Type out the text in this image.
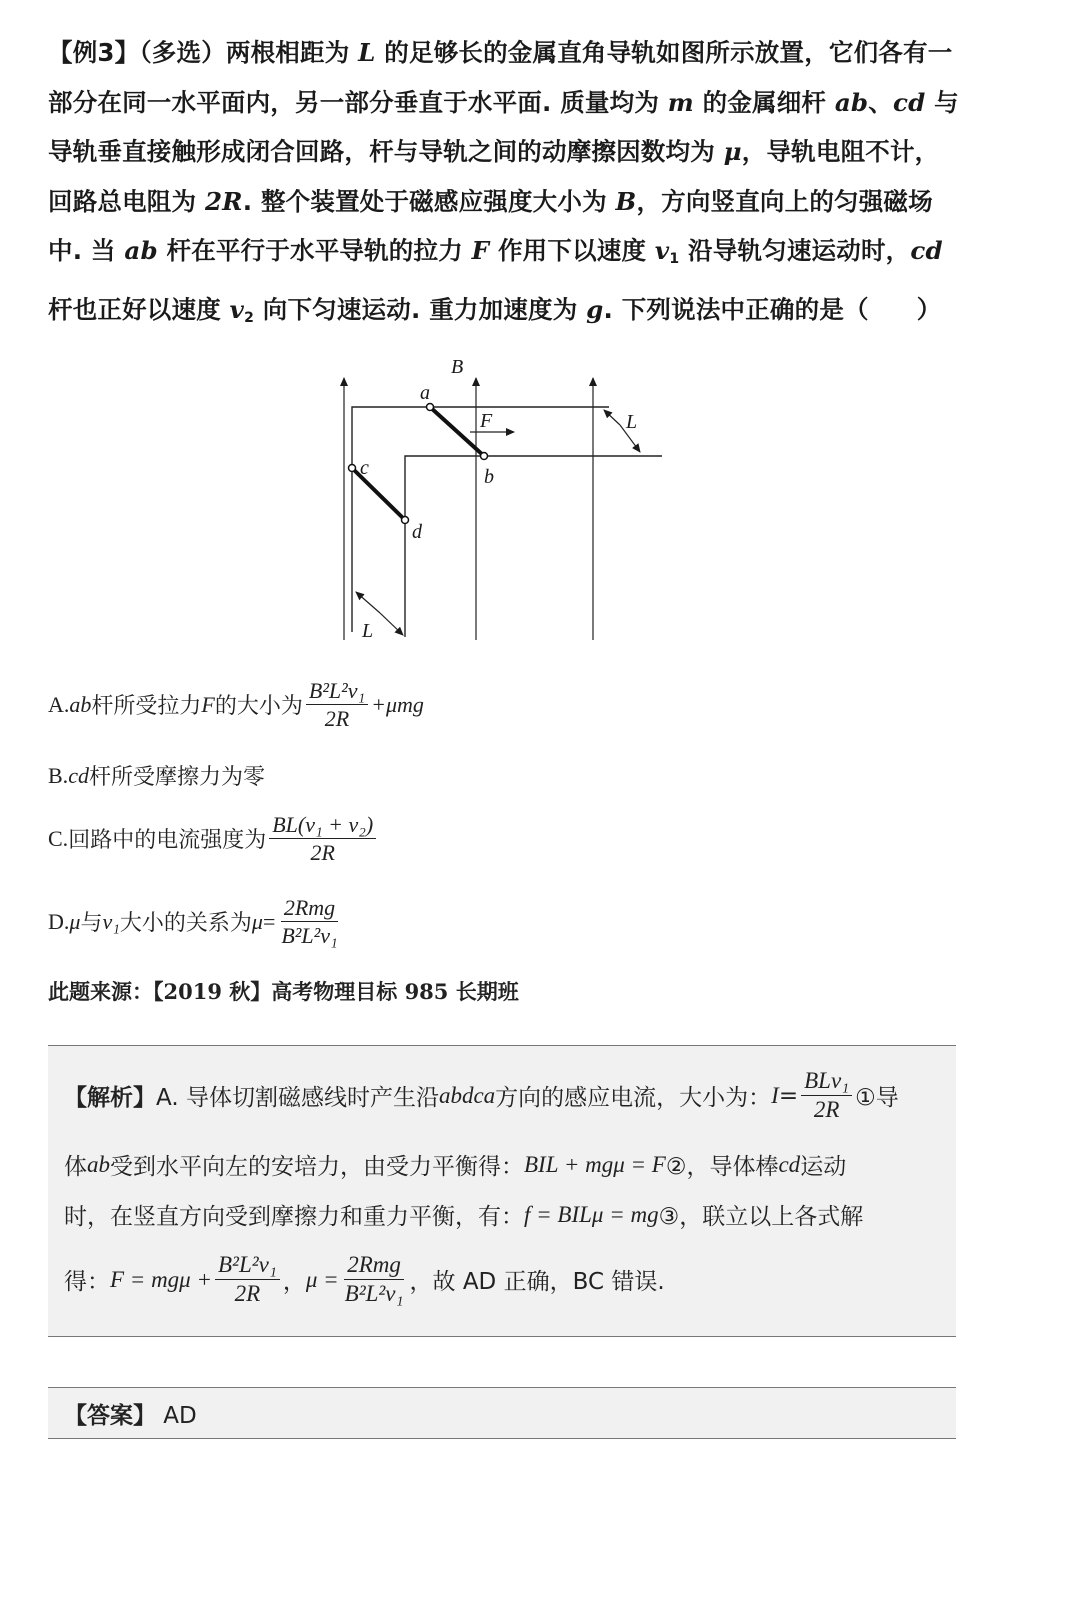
【例3】（多选）两根相距为 L 的足够长的金属直角导轨如图所示放置，它们各有一部分在同一水平面内，另一部分垂直于水平面. 质量均为 m 的金属细杆 ab、cd 与导轨垂直接触形成闭合回路，杆与导轨之间的动摩擦因数均为 μ，导轨电阻不计，回路总电阻为 2R. 整个装置处于磁感应强度大小为 B，方向竖直向上的匀强磁场中. 当 ab 杆在平行于水平导轨的拉力 F 作用下以速度 $v_1$ 沿导轨匀速运动时，cd 杆也正好以速度 $v_2$ 向下匀速运动. 重力加速度为 g. 下列说法中正确的是（ ）
B
a
F	L
c	b
d
L
A. ab 杆所受拉力 F 的大小为 $\frac{\text{B²L²v₁}}{2R} +\mu mg$
B. cd 杆所受摩擦力为零
C. 回路中的电流强度为 $\frac{\text{BL(v₁ + v₂)}}{2R}$
D. μ 与 v₁ 大小的关系为 $\mu = \frac{\text{2Rmg}}{\text{B²L²v₁}}$
此题来源：【2019 秋】高考物理目标 985 长期班
【解析】 A. 导体切割磁感线时产生沿 abdca 方向的感应电流，大小为： $I = \frac{\text{BLv₁}}{2R}$ ①导
体 ab 受到水平向左的安培力，由受力平衡得： BIL + mgμ = F ②，导体棒 cd 运动
时，在竖直方向受到摩擦力和重力平衡，有： f = BILμ = mg ③，联立以上各式解
得： $F = mg\mu + \frac{\text{B²L²v₁}}{2R}$ ， $\mu = \frac{\text{2Rmg}}{\text{B²L²v₁}}$ ，故 AD 正确，BC 错误.
【答案】 AD
